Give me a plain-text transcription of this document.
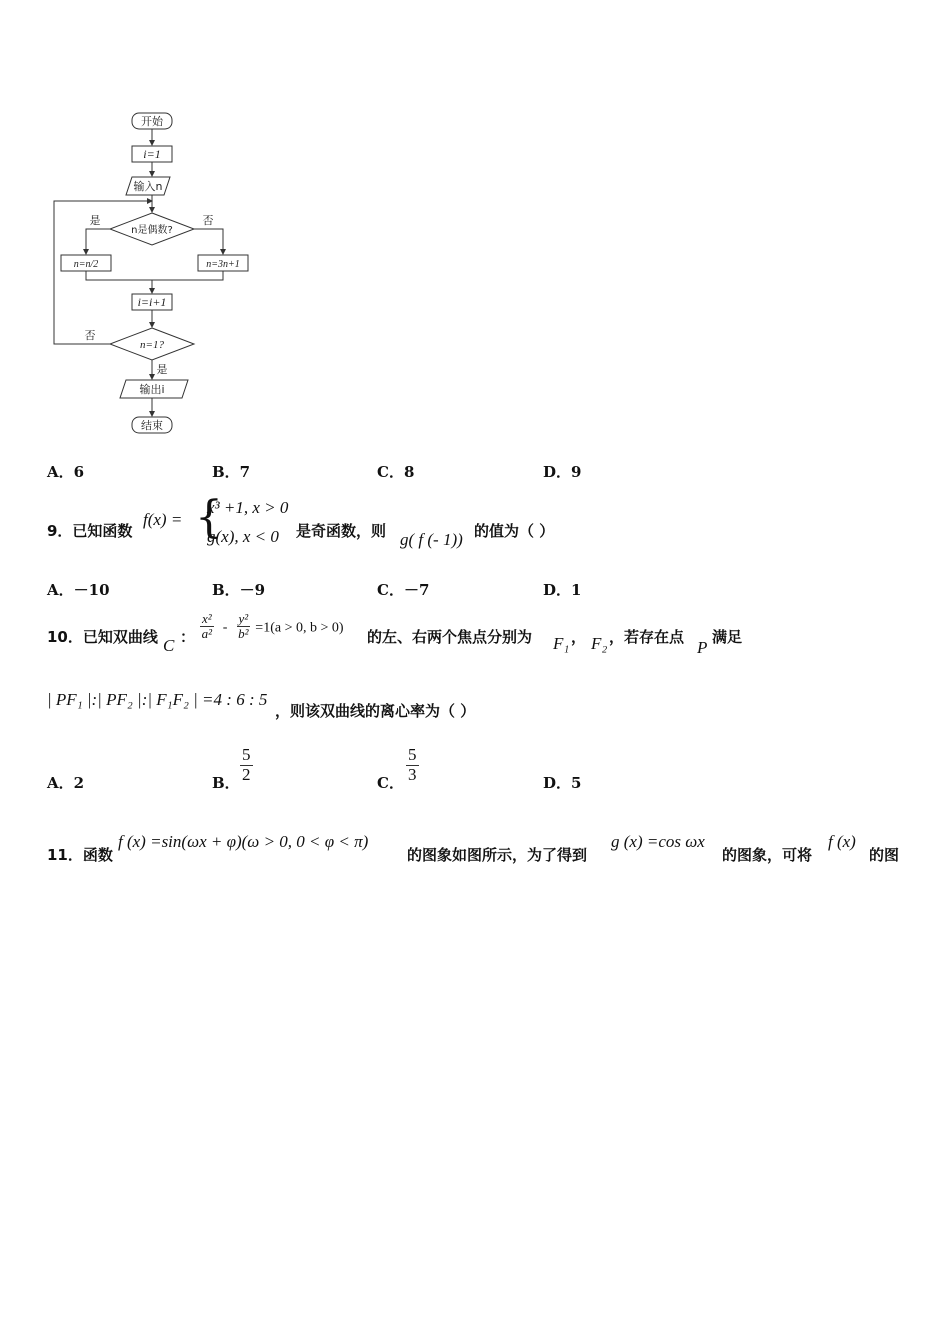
开始
i=1
输入n
n是偶数?
是	否
n=n/2	n=3n+1
i=i+1
n=1?
否
是
输出i
结束
A．6	B．7	C．8	D．9
9．已知函数
f(x) = {
x³ +1, x > 0
g(x), x < 0 是奇函数，则 g( f (- 1)) 的值为（ ）
A．－10	B．－9	C．－7	D．1
10．已知双曲线 C ： $\frac{\text{x²}}{\text{a²}} - \frac{\text{y²}}{\text{b²}} =1(a > 0$, b > 0)
的左、右两个焦点分别为 F₁ ， F₂ ，若存在点
P
满足
| PF₁ |:| PF₂ |:| F₁F₂ | =4 : 6 : 5
，则该双曲线的离心率为（ ）
A．2	B． $\frac{5}{2}$	C． $\frac{5}{3}$	D．5
11．函数
f (x) =sin(ωx + φ)(ω > 0, 0 < φ < π)
的图象如图所示，为了得到
g (x) =cos ωx
的图象，可将
f (x)
的图
